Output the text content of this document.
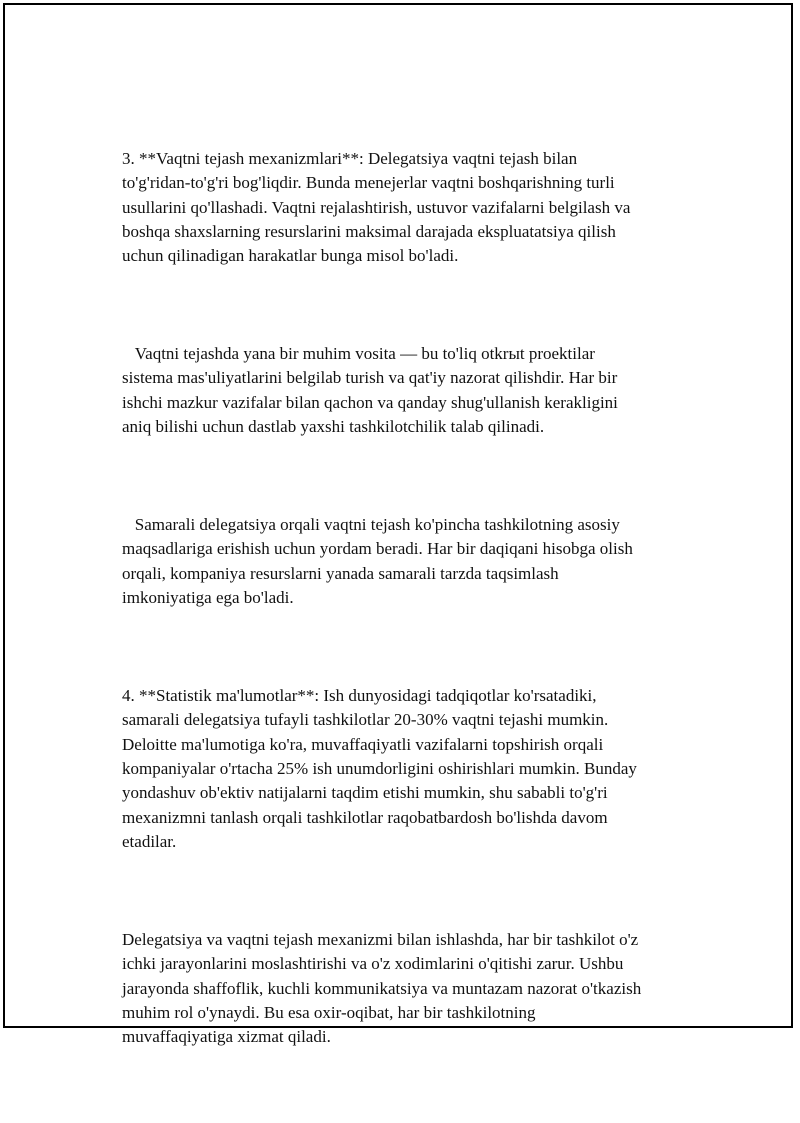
3. **Vaqtni tejash mexanizmlari**: Delegatsiya vaqtni tejash bilan
to'g'ridan-to'g'ri bog'liqdir. Bunda menejerlar vaqtni boshqarishning turli
usullarini qo'llashadi. Vaqtni rejalashtirish, ustuvor vazifalarni belgilash va
boshqa shaxslarning resurslarini maksimal darajada ekspluatatsiya qilish
uchun qilinadigan harakatlar bunga misol bo'ladi.

Vaqtni tejashda yana bir muhim vosita — bu to'liq otkrыt proektilar
sistema mas'uliyatlarini belgilab turish va qat'iy nazorat qilishdir. Har bir
ishchi mazkur vazifalar bilan qachon va qanday shug'ullanish kerakligini
aniq bilishi uchun dastlab yaxshi tashkilotchilik talab qilinadi.

Samarali delegatsiya orqali vaqtni tejash ko'pincha tashkilotning asosiy
maqsadlariga erishish uchun yordam beradi. Har bir daqiqani hisobga olish
orqali, kompaniya resurslarni yanada samarali tarzda taqsimlash
imkoniyatiga ega bo'ladi.

4. **Statistik ma'lumotlar**: Ish dunyosidagi tadqiqotlar ko'rsatadiki,
samarali delegatsiya tufayli tashkilotlar 20-30% vaqtni tejashi mumkin.
Deloitte ma'lumotiga ko'ra, muvaffaqiyatli vazifalarni topshirish orqali
kompaniyalar o'rtacha 25% ish unumdorligini oshirishlari mumkin. Bunday
yondashuv ob'ektiv natijalarni taqdim etishi mumkin, shu sababli to'g'ri
mexanizmni tanlash orqali tashkilotlar raqobatbardosh bo'lishda davom
etadilar.

Delegatsiya va vaqtni tejash mexanizmi bilan ishlashda, har bir tashkilot o'z
ichki jarayonlarini moslashtirishi va o'z xodimlarini o'qitishi zarur. Ushbu
jarayonda shaffoflik, kuchli kommunikatsiya va muntazam nazorat o'tkazish
muhim rol o'ynaydi. Bu esa oxir-oqibat, har bir tashkilotning
muvaffaqiyatiga xizmat qiladi.
